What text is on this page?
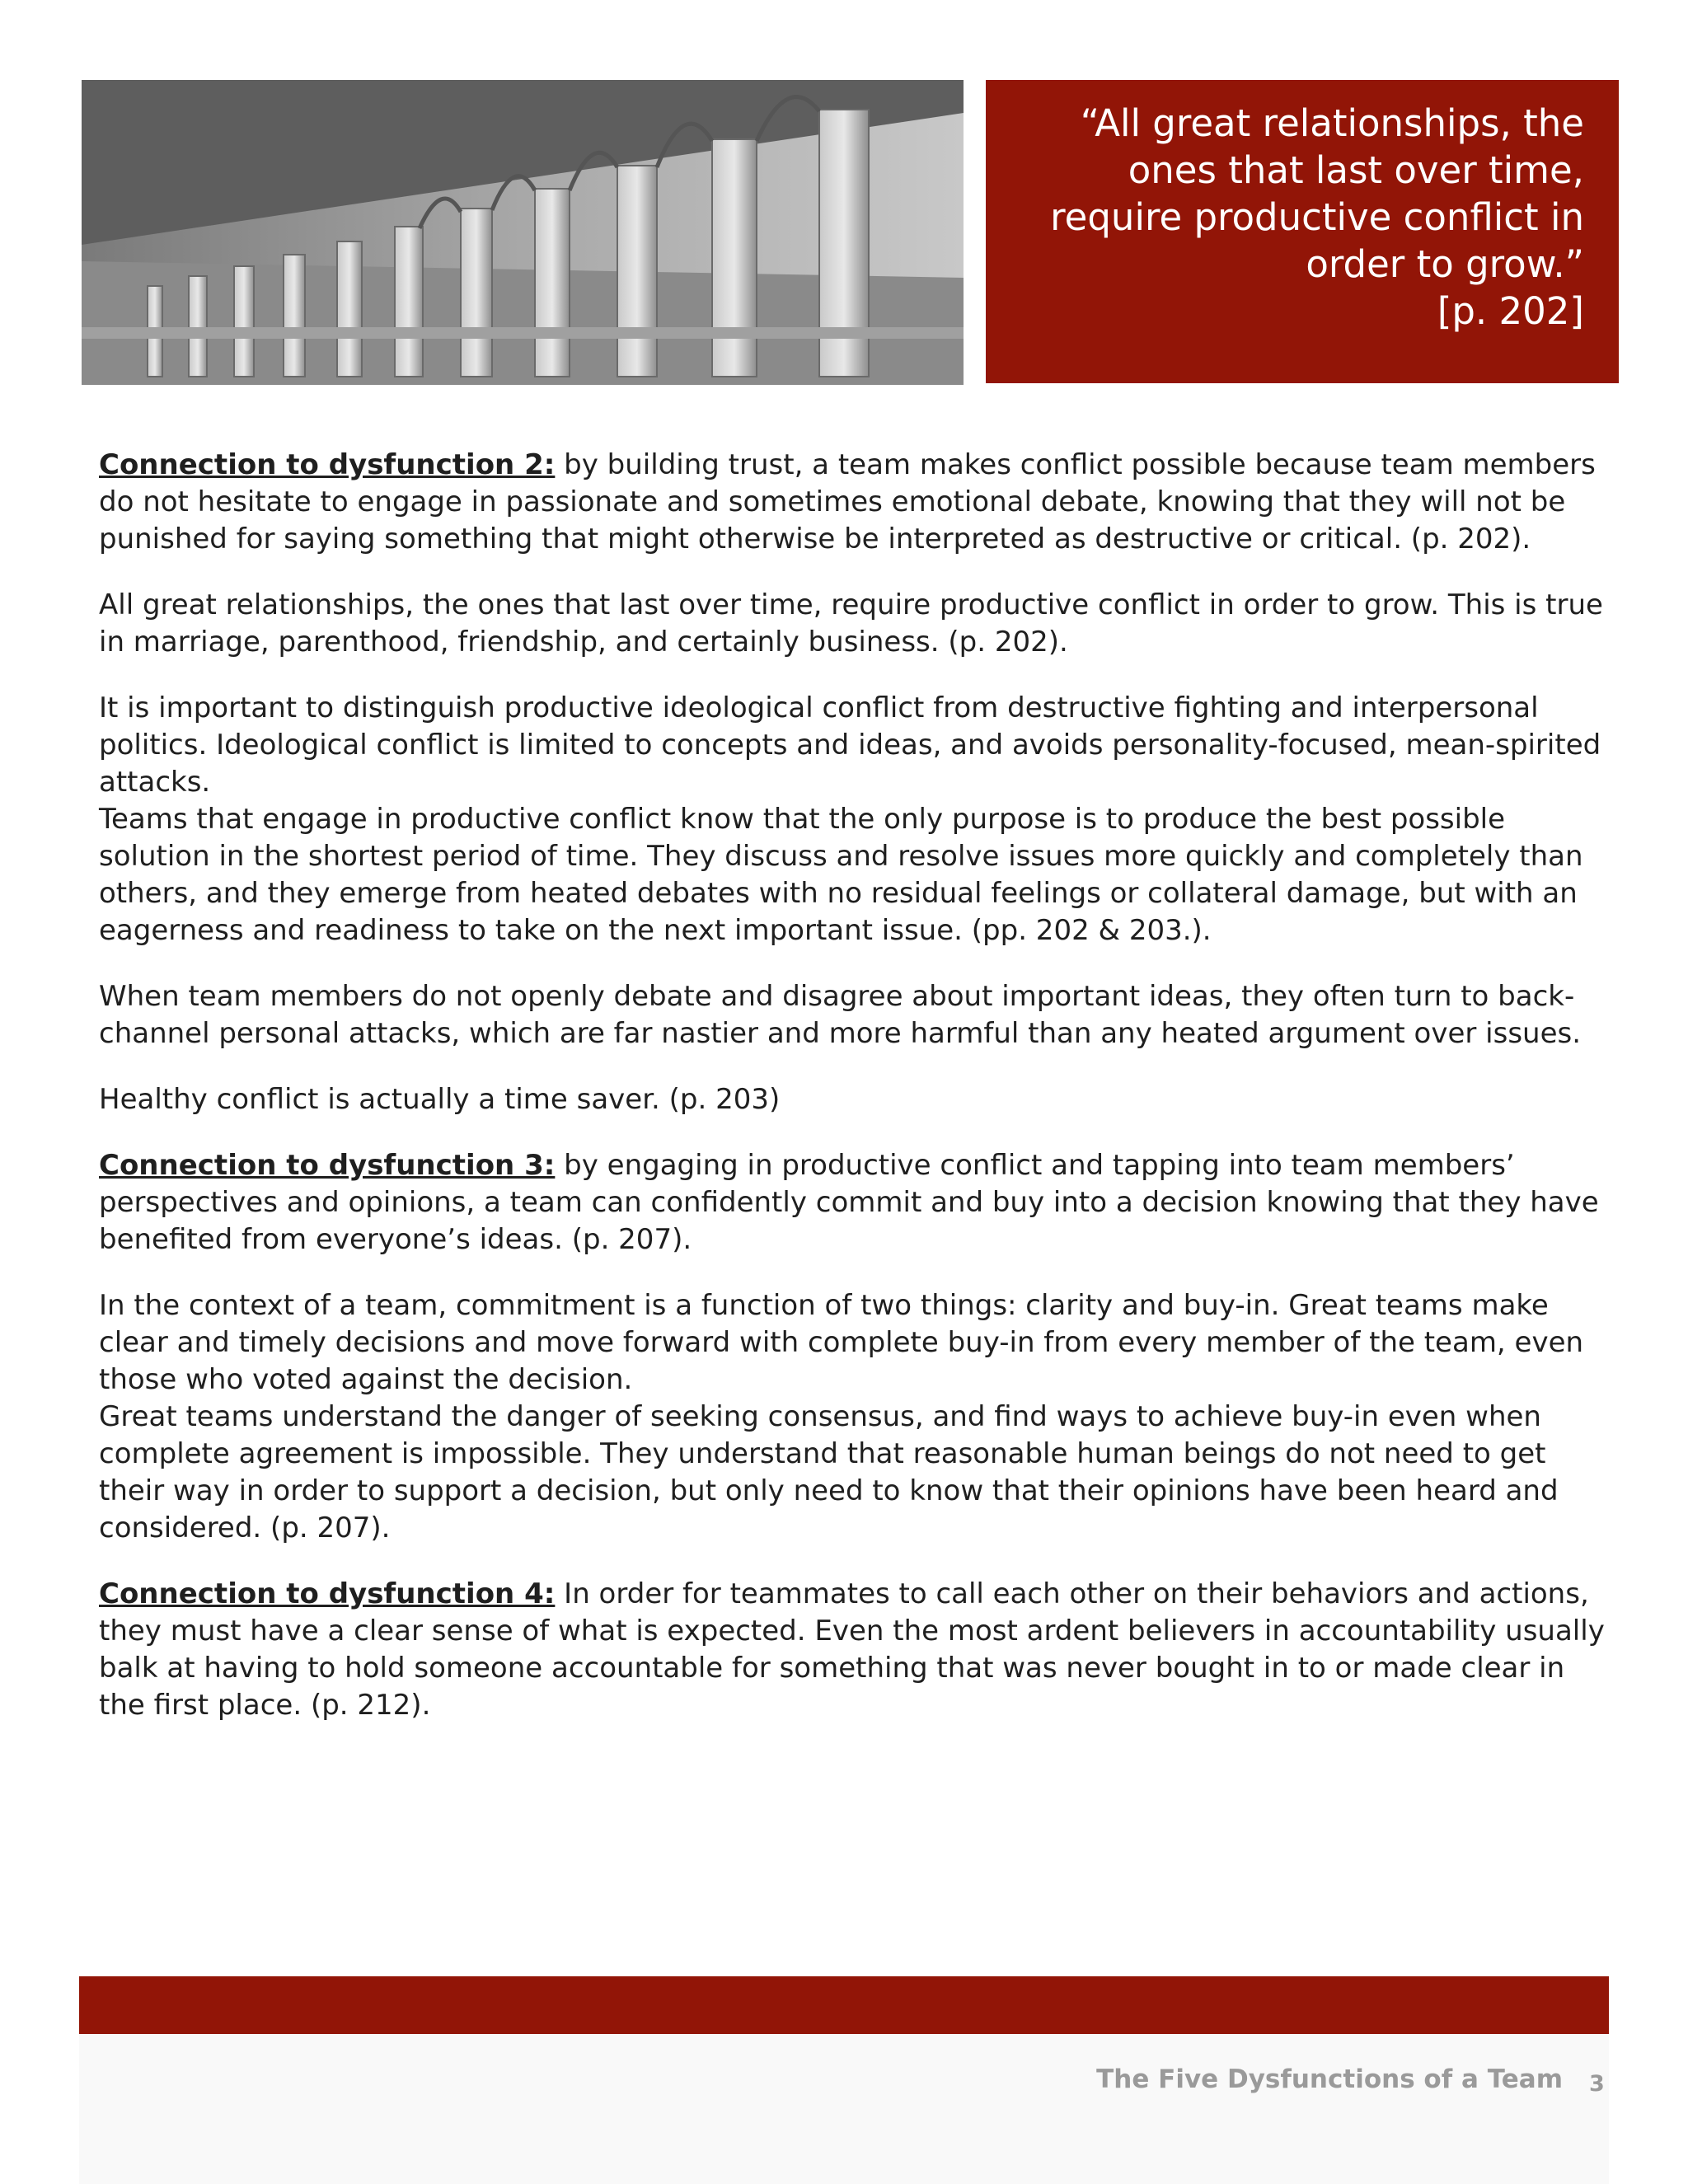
“All great relationships, the
ones that last over time,
require productive conflict in
order to grow.”
[p. 202]

Connection to dysfunction 2: by building trust, a team makes conflict possible because team members do not hesitate to engage in passionate and sometimes emotional debate, knowing that they will not be punished for saying something that might otherwise be interpreted as destructive or critical. (p. 202).

All great relationships, the ones that last over time, require productive conflict in order to grow. This is true in marriage, parenthood, friendship, and certainly business. (p. 202).

It is important to distinguish productive ideological conflict from destructive fighting and interpersonal politics. Ideological conflict is limited to concepts and ideas, and avoids personality-focused, mean-spirited attacks.

Teams that engage in productive conflict know that the only purpose is to produce the best possible solution in the shortest period of time. They discuss and resolve issues more quickly and completely than others, and they emerge from heated debates with no residual feelings or collateral damage, but with an eagerness and readiness to take on the next important issue. (pp. 202 & 203.).

When team members do not openly debate and disagree about important ideas, they often turn to back-channel personal attacks, which are far nastier and more harmful than any heated argument over issues.

Healthy conflict is actually a time saver. (p. 203)

Connection to dysfunction 3: by engaging in productive conflict and tapping into team members’ perspectives and opinions, a team can confidently commit and buy into a decision knowing that they have benefited from everyone’s ideas. (p. 207).

In the context of a team, commitment is a function of two things: clarity and buy-in. Great teams make clear and timely decisions and move forward with complete buy-in from every member of the team, even those who voted against the decision.

Great teams understand the danger of seeking consensus, and find ways to achieve buy-in even when complete agreement is impossible. They understand that reasonable human beings do not need to get their way in order to support a decision, but only need to know that their opinions have been heard and considered. (p. 207).

Connection to dysfunction 4: In order for teammates to call each other on their behaviors and actions, they must have a clear sense of what is expected. Even the most ardent believers in accountability usually balk at having to hold someone accountable for something that was never bought in to or made clear in the first place. (p. 212).

The Five Dysfunctions of a Team 3
